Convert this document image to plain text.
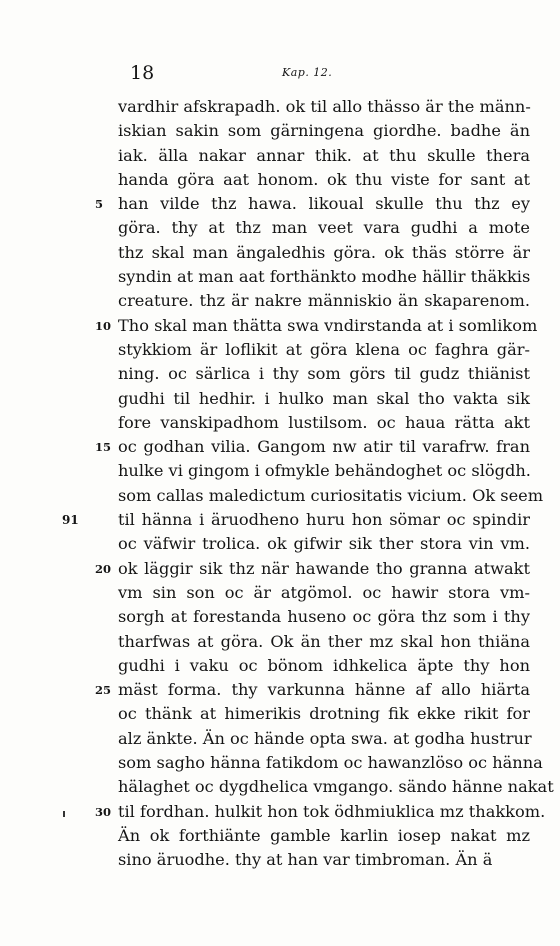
18	Kap. 12.
vardhir afskrapadh. ok til allo thässo är the männ-
iskian sakin som gärningena giordhe. badhe än
iak. älla nakar annar thik. at thu skulle thera
handa göra aat honom. ok thu viste for sant at
5 han vilde thz hawa. likoual skulle thu thz ey
göra. thy at thz man veet vara gudhi a mote
thz skal man ängaledhis göra. ok thäs större är
syndin at man aat forthänkto modhe hällir thäkkis
creature. thz är nakre människio än skaparenom.
10 Tho skal man thätta swa vndirstanda at i somlikom
stykkiom är loflikit at göra klena oc faghra gär-
ning. oc särlica i thy som görs til gudz thiänist
gudhi til hedhir. i hulko man skal tho vakta sik
fore vanskipadhom lustilsom. oc haua rätta akt
15 oc godhan vilia. Gangom nw atir til varafrw. fran
hulke vi gingom i ofmykle behändoghet oc slögdh.
som callas maledictum curiositatis vicium. Ok seem
91 til hänna i äruodheno huru hon sömar oc spindir
oc väfwir trolica. ok gifwir sik ther stora vin vm.
20 ok läggir sik thz när hawande tho granna atwakt
vm sin son oc är atgömol. oc hawir stora vm-
sorgh at forestanda huseno oc göra thz som i thy
tharfwas at göra. Ok än ther mz skal hon thiäna
gudhi i vaku oc bönom idhkelica äpte thy hon
25 mäst forma. thy varkunna hänne af allo hiärta
oc thänk at himerikis drotning fik ekke rikit for
alz änkte. Än oc hände opta swa. at godha hustrur
som sagho hänna fatikdom oc hawanzlöso oc hänna
hälaghet oc dygdhelica vmgango. sändo hänne nakat
30 til fordhan. hulkit hon tok ödhmiuklica mz thakkom.
Än ok forthiänte gamble karlin iosep nakat mz
sino äruodhe. thy at han var timbroman. Än ä
